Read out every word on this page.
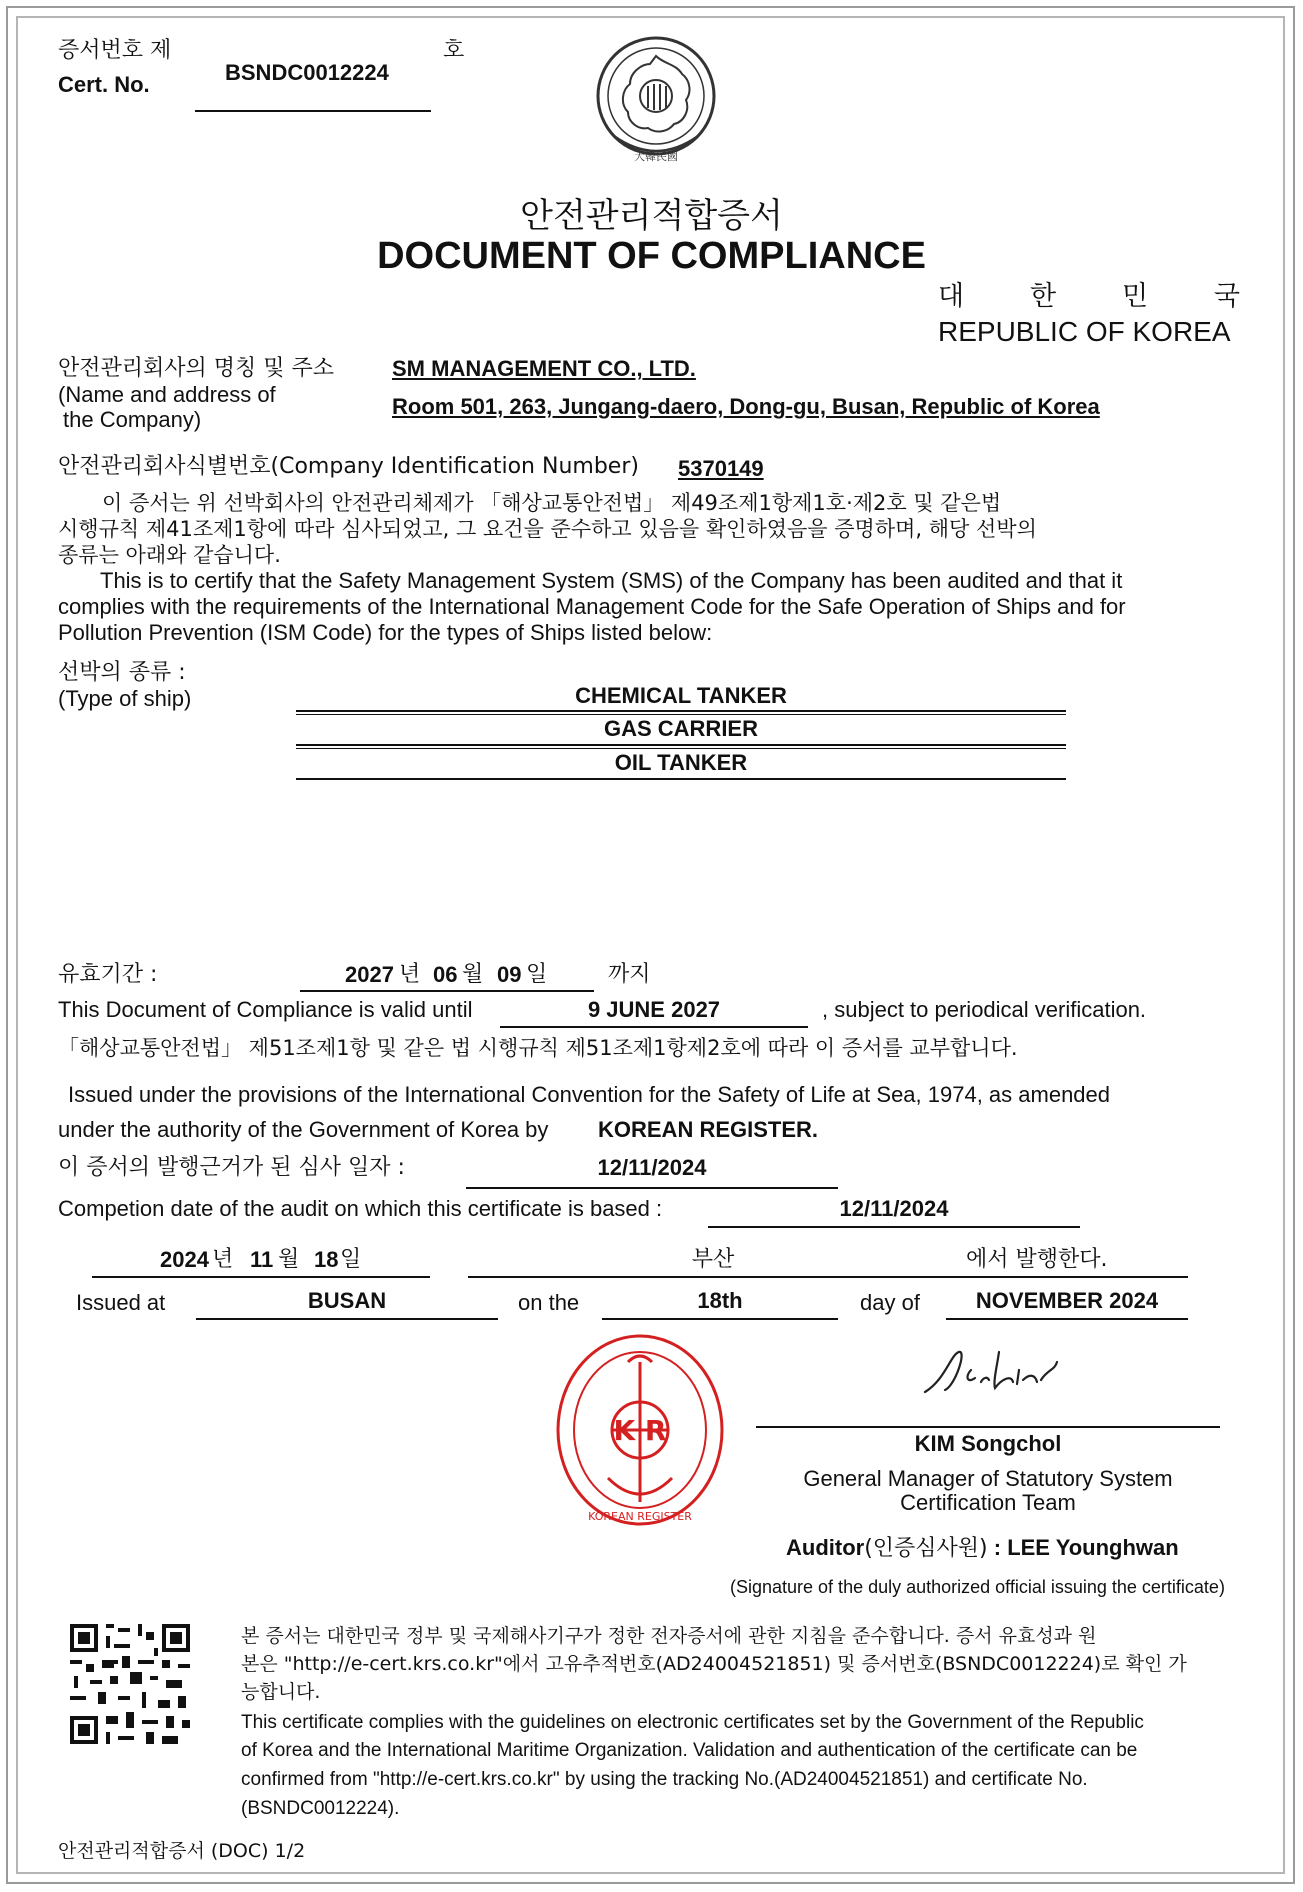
증서번호 제
Cert. No.	BSNDC0012224
호
大韓民國
안전관리적합증서
DOCUMENT OF COMPLIANCE
대 한 민 국
REPUBLIC OF KOREA
안전관리회사의 명칭 및 주소
(Name and address of
the Company)
SM MANAGEMENT CO., LTD.
Room 501, 263, Jungang-daero, Dong-gu, Busan, Republic of Korea
안전관리회사식별번호(Company Identification Number) 5370149
이 증서는 위 선박회사의 안전관리체제가 「해상교통안전법」 제49조제1항제1호·제2호 및 같은법
시행규칙 제41조제1항에 따라 심사되었고, 그 요건을 준수하고 있음을 확인하였음을 증명하며, 해당 선박의
종류는 아래와 같습니다.
This is to certify that the Safety Management System (SMS) of the Company has been audited and that it
complies with the requirements of the International Management Code for the Safe Operation of Ships and for
Pollution Prevention (ISM Code) for the types of Ships listed below:
선박의 종류 :
(Type of ship)	CHEMICAL TANKER
GAS CARRIER
OIL TANKER
유효기간 :	2027 년 06 월 09 일	까지
This Document of Compliance is valid until	9 JUNE 2027	, subject to periodical verification.
「해상교통안전법」 제51조제1항 및 같은 법 시행규칙 제51조제1항제2호에 따라 이 증서를 교부합니다.
Issued under the provisions of the International Convention for the Safety of Life at Sea, 1974, as amended
under the authority of the Government of Korea by KOREAN REGISTER.
이 증서의 발행근거가 된 심사 일자 :	12/11/2024
Competion date of the audit on which this certificate is based :	12/11/2024
2024 년 11 월 18 일	부산	에서 발행한다.
Issued at	BUSAN	on the	18th	day of	NOVEMBER 2024
K R
KOREAN REGISTER
S.c.kim
KIM Songchol
General Manager of Statutory System
Certification Team
Auditor(인증심사원) : LEE Younghwan
(Signature of the duly authorized official issuing the certificate)
본 증서는 대한민국 정부 및 국제해사기구가 정한 전자증서에 관한 지침을 준수합니다. 증서 유효성과 원
본은 "http://e-cert.krs.co.kr"에서 고유추적번호(AD24004521851) 및 증서번호(BSNDC0012224)로 확인 가
능합니다.
This certificate complies with the guidelines on electronic certificates set by the Government of the Republic
of Korea and the International Maritime Organization. Validation and authentication of the certificate can be
confirmed from "http://e-cert.krs.co.kr" by using the tracking No.(AD24004521851) and certificate No.
(BSNDC0012224).
안전관리적합증서 (DOC) 1/2
